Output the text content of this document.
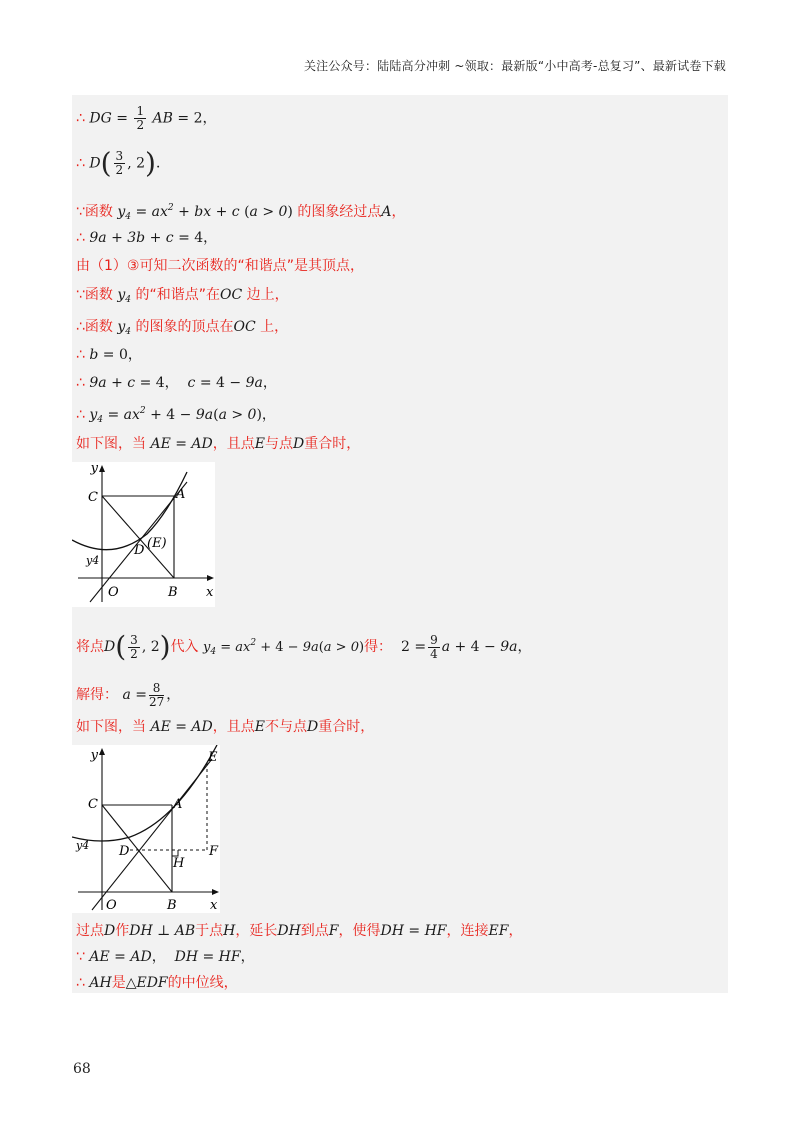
关注公众号：陆陆高分冲刺 ~领取：最新版“小中高考-总复习”、最新试卷下载
∴ DG = $\frac{1}{2}$ AB = 2，
∴ $D( \frac{3}{2}$ , 2)．
∵函数 $y_4 = ax^2$ + bx + c (a > 0) 的图象经过点A，
∴ 9a + 3b + c = 4，
由（1）③可知二次函数的“和谐点”是其顶点，
∵函数 $y_4$ 的“和谐点”在OC 边上，
∴函数 $y_4$ 的图象的顶点在OC 上，
∴ b = 0，
∴ 9a + c = 4，  c = 4 − 9a，
∴ $y_4 = ax^2 + 4 - 9a(a > 0)$，
如下图，当 AE = AD，且点E与点D重合时，
y
x
C	A
D (E)
O	B
y4
将点$D( \frac{3}{2}$ , 2)代入 $y_4 = ax^2 + 4 - 9a(a > 0)$得：  $2 = \frac{9}{4}$ a + 4 − 9a，
解得： $a = \frac{8}{27}$ ，
如下图，当 AE = AD，且点E不与点D重合时，
y
x
C	A
D
E
F
H
O	B
y4
过点D作DH ⊥ AB于点H，延长DH到点F，使得DH = HF，连接EF，
∵ AE = AD，  DH = HF，
∴ AH是△EDF的中位线，
68
